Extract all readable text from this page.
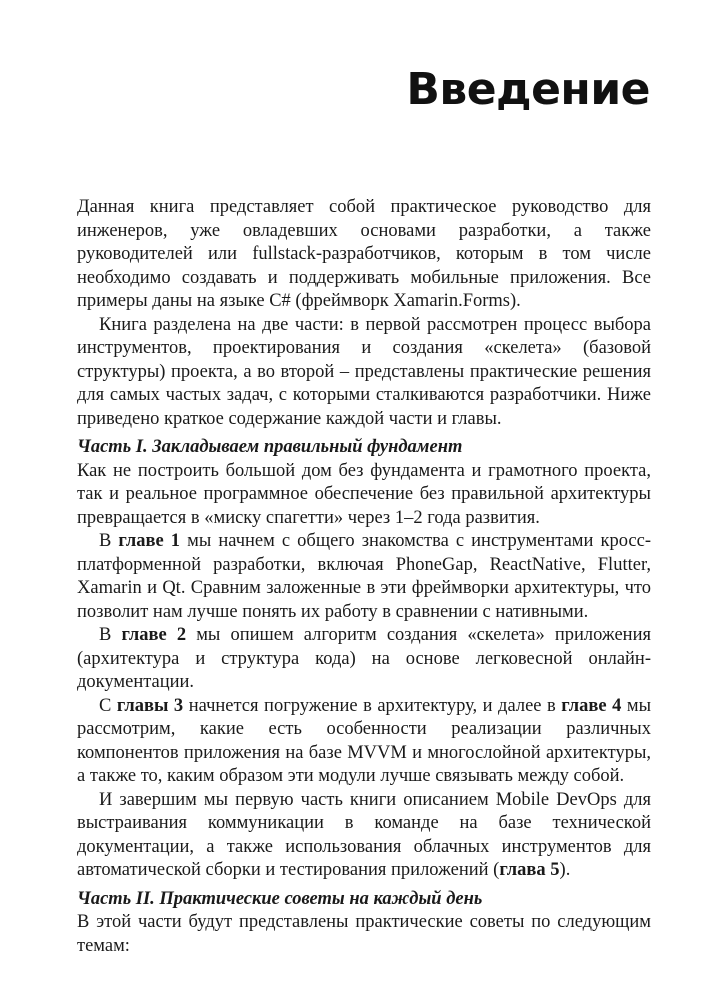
Введение

Данная книга представляет собой практическое руководство для инженеров, уже овладевших основами разработки, а также руководителей или fullstack-разработчиков, которым в том числе необходимо создавать и поддерживать мобильные приложения. Все примеры даны на языке C# (фреймворк Xamarin.Forms).

Книга разделена на две части: в первой рассмотрен процесс выбора инструментов, проектирования и создания «скелета» (базовой структуры) проекта, а во второй – представлены практические решения для самых частых задач, с которыми сталкиваются разработчики. Ниже приведено краткое содержание каждой части и главы.

Часть I. Закладываем правильный фундамент

Как не построить большой дом без фундамента и грамотного проекта, так и реальное программное обеспечение без правильной архитектуры превращается в «миску спагетти» через 1–2 года развития.

В главе 1 мы начнем с общего знакомства с инструментами кросс-платформенной разработки, включая PhoneGap, ReactNative, Flutter, Xamarin и Qt. Сравним заложенные в эти фреймворки архитектуры, что позволит нам лучше понять их работу в сравнении с нативными.

В главе 2 мы опишем алгоритм создания «скелета» приложения (архитектура и структура кода) на основе легковесной онлайн-документации.

С главы 3 начнется погружение в архитектуру, и далее в главе 4 мы рассмотрим, какие есть особенности реализации различных компонентов приложения на базе MVVM и многослойной архитектуры, а также то, каким образом эти модули лучше связывать между собой.

И завершим мы первую часть книги описанием Mobile DevOps для выстраивания коммуникации в команде на базе технической документации, а также использования облачных инструментов для автоматической сборки и тестирования приложений (глава 5).

Часть II. Практические советы на каждый день

В этой части будут представлены практические советы по следующим темам:
